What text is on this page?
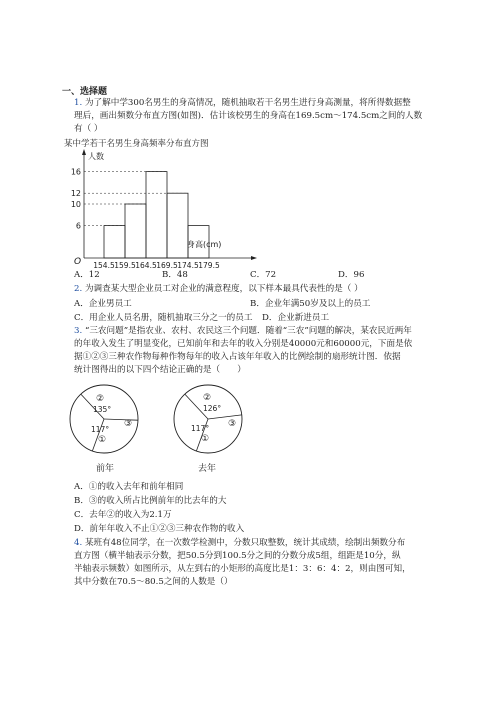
一、选择题
1. 为了解中学300名男生的身高情况，随机抽取若干名男生进行身高测量，将所得数据整
理后，画出频数分布直方图(如图)．估计该校男生的身高在169.5cm～174.5cm之间的人数
有（ ）
某中学若干名男生身高频率分布直方图
人数
身高(cm)
O
6
10
12
16
154.5 159.5 164.5 169.5 174.5 179.5
A．12	B．48	C．72	D．96
2. 为调查某大型企业员工对企业的满意程度，以下样本最具代表性的是（ ）
A．企业男员工	B．企业年满50岁及以上的员工
C．用企业人员名册，随机抽取三分之一的员工 D．企业新进员工
3. “三农问题”是指农业、农村、农民这三个问题．随着“三农”问题的解决，某农民近两年
的年收入发生了明显变化，已知前年和去年的收入分别是40000元和60000元，下面是依
据①②③三种农作物每种作物每年的收入占该年年收入的比例绘制的扇形统计图．依据
统计图得出的以下四个结论正确的是（　　）
②
135°
117°
①
③
前年
②
126°
117°
①
③
去年
A．①的收入去年和前年相同
B．③的收入所占比例前年的比去年的大
C．去年②的收入为2.1万
D．前年年收入不止①②③三种农作物的收入
4. 某班有48位同学，在一次数学检测中，分数只取整数，统计其成绩，绘制出频数分布
直方图（横半轴表示分数，把50.5分到100.5分之间的分数分成5组，组距是10分，纵
半轴表示频数）如图所示，从左到右的小矩形的高度比是1：3：6：4：2，则由图可知，
其中分数在70.5～80.5之间的人数是（）
